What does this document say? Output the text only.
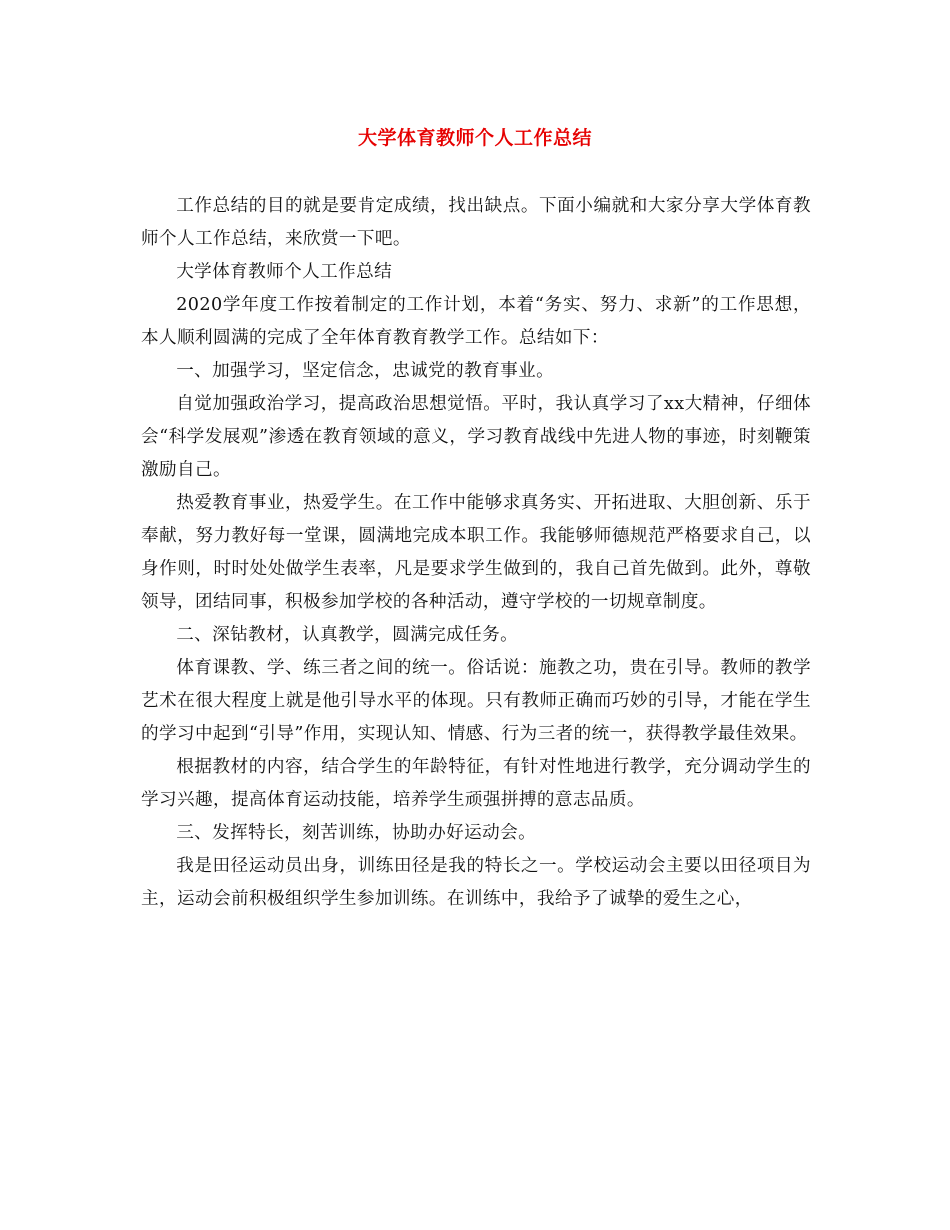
大学体育教师个人工作总结

工作总结的目的就是要肯定成绩，找出缺点。下面小编就和大家分享大学体育教师个人工作总结，来欣赏一下吧。

大学体育教师个人工作总结

2020学年度工作按着制定的工作计划，本着“务实、努力、求新”的工作思想，本人顺利圆满的完成了全年体育教育教学工作。总结如下：

一、加强学习，坚定信念，忠诚党的教育事业。

自觉加强政治学习，提高政治思想觉悟。平时，我认真学习了xx大精神，仔细体会“科学发展观”渗透在教育领域的意义，学习教育战线中先进人物的事迹，时刻鞭策激励自己。

热爱教育事业，热爱学生。在工作中能够求真务实、开拓进取、大胆创新、乐于奉献，努力教好每一堂课，圆满地完成本职工作。我能够师德规范严格要求自己，以身作则，时时处处做学生表率，凡是要求学生做到的，我自己首先做到。此外，尊敬领导，团结同事，积极参加学校的各种活动，遵守学校的一切规章制度。

二、深钻教材，认真教学，圆满完成任务。

体育课教、学、练三者之间的统一。俗话说：施教之功，贵在引导。教师的教学艺术在很大程度上就是他引导水平的体现。只有教师正确而巧妙的引导，才能在学生的学习中起到“引导”作用，实现认知、情感、行为三者的统一，获得教学最佳效果。

根据教材的内容，结合学生的年龄特征，有针对性地进行教学，充分调动学生的学习兴趣，提高体育运动技能，培养学生顽强拼搏的意志品质。

三、发挥特长，刻苦训练，协助办好运动会。

我是田径运动员出身，训练田径是我的特长之一。学校运动会主要以田径项目为主，运动会前积极组织学生参加训练。在训练中，我给予了诚挚的爱生之心，
